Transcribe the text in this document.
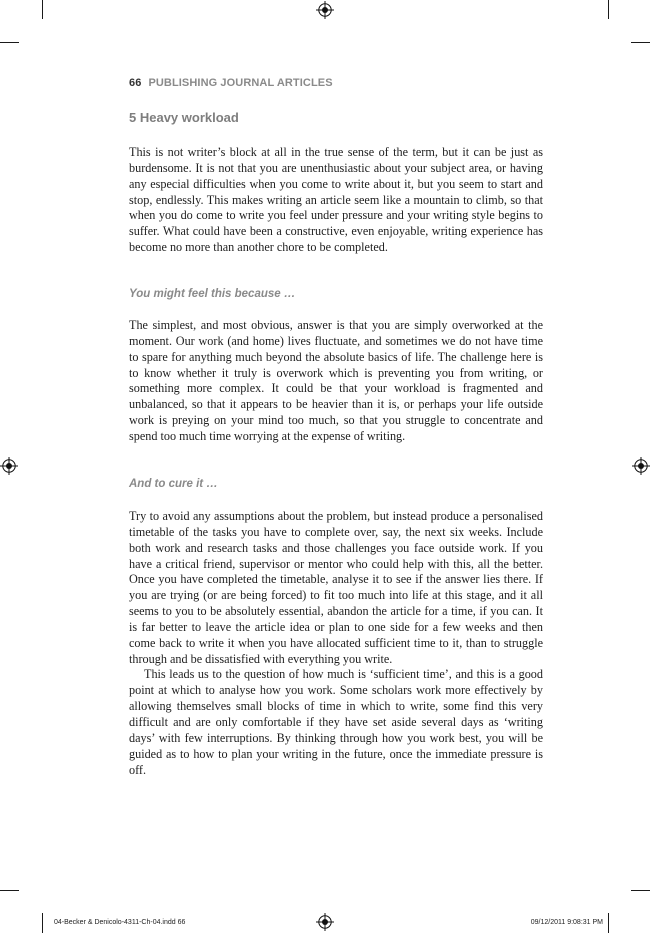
66 PUBLISHING JOURNAL ARTICLES
5 Heavy workload

This is not writer’s block at all in the true sense of the term, but it can be just as burdensome. It is not that you are unenthusiastic about your subject area, or having any especial difficulties when you come to write about it, but you seem to start and stop, endlessly. This makes writing an article seem like a mountain to climb, so that when you do come to write you feel under pressure and your writing style begins to suffer. What could have been a constructive, even enjoyable, writing experience has become no more than another chore to be completed.

You might feel this because …

The simplest, and most obvious, answer is that you are simply overworked at the moment. Our work (and home) lives fluctuate, and sometimes we do not have time to spare for anything much beyond the absolute basics of life. The challenge here is to know whether it truly is overwork which is preventing you from writing, or something more complex. It could be that your workload is fragmented and unbalanced, so that it appears to be heavier than it is, or perhaps your life outside work is preying on your mind too much, so that you struggle to concentrate and spend too much time worrying at the expense of writing.

And to cure it …

Try to avoid any assumptions about the problem, but instead produce a personalised timetable of the tasks you have to complete over, say, the next six weeks. Include both work and research tasks and those challenges you face outside work. If you have a critical friend, supervisor or mentor who could help with this, all the better. Once you have completed the timetable, analyse it to see if the answer lies there. If you are trying (or are being forced) to fit too much into life at this stage, and it all seems to you to be absolutely essential, abandon the article for a time, if you can. It is far better to leave the article idea or plan to one side for a few weeks and then come back to write it when you have allocated sufficient time to it, than to struggle through and be dissatisfied with everything you write.

This leads us to the question of how much is ‘sufficient time’, and this is a good point at which to analyse how you work. Some scholars work more effectively by allowing themselves small blocks of time in which to write, some find this very difficult and are only comfortable if they have set aside several days as ‘writing days’ with few interruptions. By thinking through how you work best, you will be guided as to how to plan your writing in the future, once the immediate pressure is off.

04-Becker & Denicolo-4311-Ch-04.indd 66	09/12/2011 9:08:31 PM
